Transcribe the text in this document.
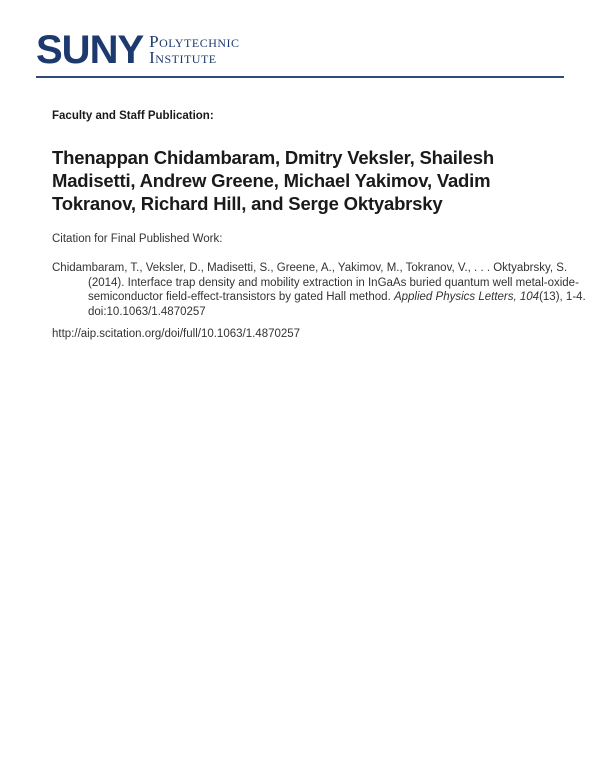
SUNY Polytechnic
Institute
Faculty and Staff Publication:
Thenappan Chidambaram, Dmitry Veksler, Shailesh Madisetti, Andrew Greene, Michael Yakimov, Vadim Tokranov, Richard Hill, and Serge Oktyabrsky
Citation for Final Published Work:
Chidambaram, T., Veksler, D., Madisetti, S., Greene, A., Yakimov, M., Tokranov, V., . . . Oktyabrsky, S. (2014). Interface trap density and mobility extraction in InGaAs buried quantum well metal-oxide-semiconductor field-effect-transistors by gated Hall method. Applied Physics Letters, 104(13), 1-4. doi:10.1063/1.4870257
http://aip.scitation.org/doi/full/10.1063/1.4870257
